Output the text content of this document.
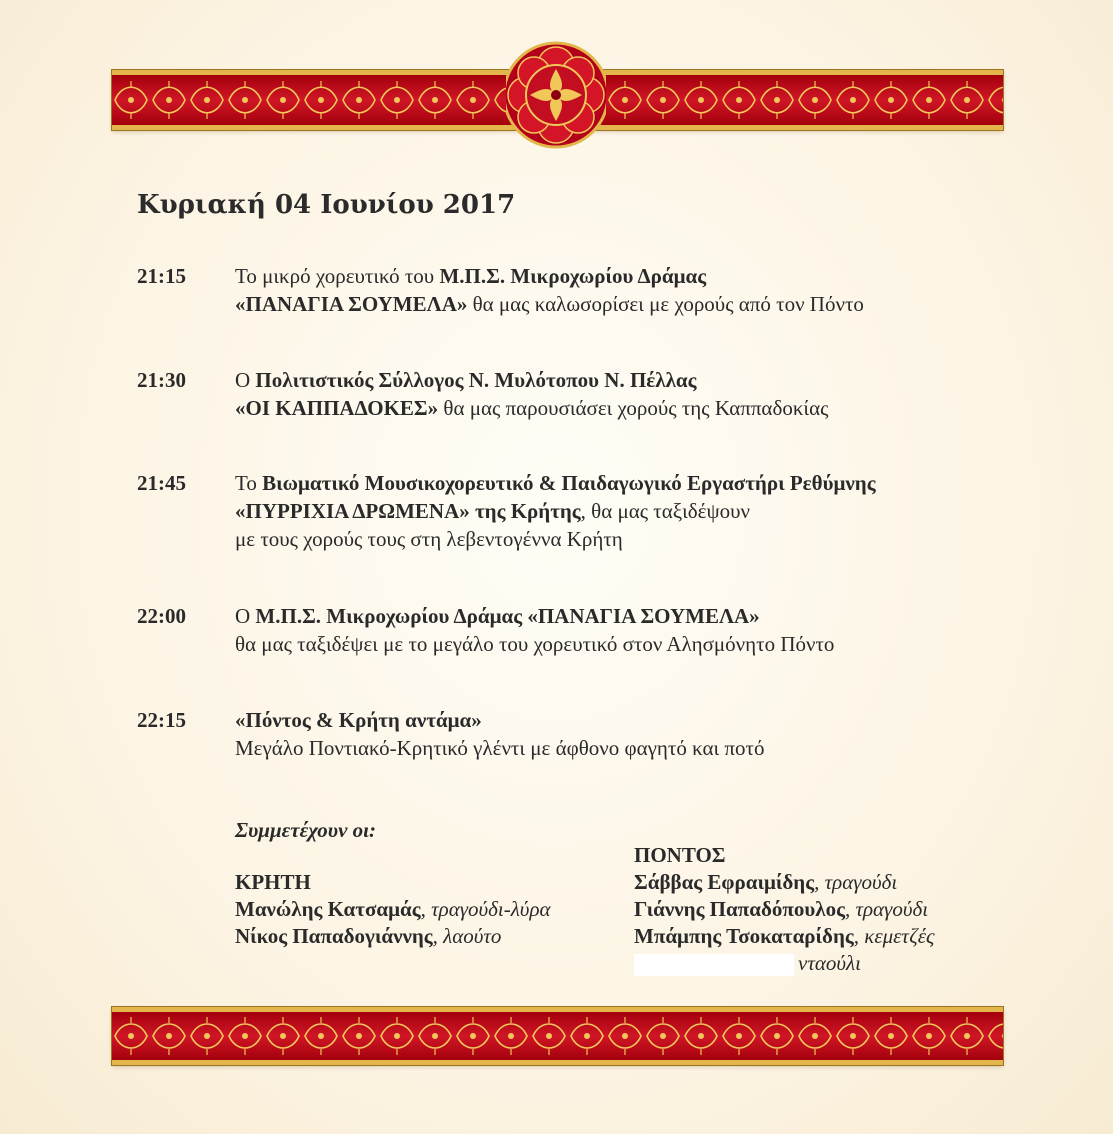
Κυριακή 04 Ιουνίου 2017
21:15 Το μικρό χορευτικό του Μ.Π.Σ. Μικροχωρίου Δράμας
«ΠΑΝΑΓΙΑ ΣΟΥΜΕΛΑ» θα μας καλωσορίσει με χορούς από τον Πόντο
21:30 Ο Πολιτιστικός Σύλλογος Ν. Μυλότοπου Ν. Πέλλας
«ΟΙ ΚΑΠΠΑΔΟΚΕΣ» θα μας παρουσιάσει χορούς της Καππαδοκίας
21:45 Το Βιωματικό Μουσικοχορευτικό & Παιδαγωγικό Εργαστήρι Ρεθύμνης
«ΠΥΡΡΙΧΙΑ ΔΡΩΜΕΝΑ» της Κρήτης, θα μας ταξιδέψουν
με τους χορούς τους στη λεβεντογέννα Κρήτη
22:00 Ο Μ.Π.Σ. Μικροχωρίου Δράμας «ΠΑΝΑΓΙΑ ΣΟΥΜΕΛΑ»
θα μας ταξιδέψει με το μεγάλο του χορευτικό στον Αλησμόνητο Πόντο
22:15 «Πόντος & Κρήτη αντάμα»
Μεγάλο Ποντιακό-Κρητικό γλέντι με άφθονο φαγητό και ποτό
Συμμετέχουν οι:
ΚΡΗΤΗ
Μανώλης Κατσαμάς, τραγούδι-λύρα
Νίκος Παπαδογιάννης, λαούτο
ΠΟΝΤΟΣ
Σάββας Εφραιμίδης, τραγούδι
Γιάννης Παπαδόπουλος, τραγούδι
Μπάμπης Τσοκαταρίδης, κεμετζές
νταούλι
